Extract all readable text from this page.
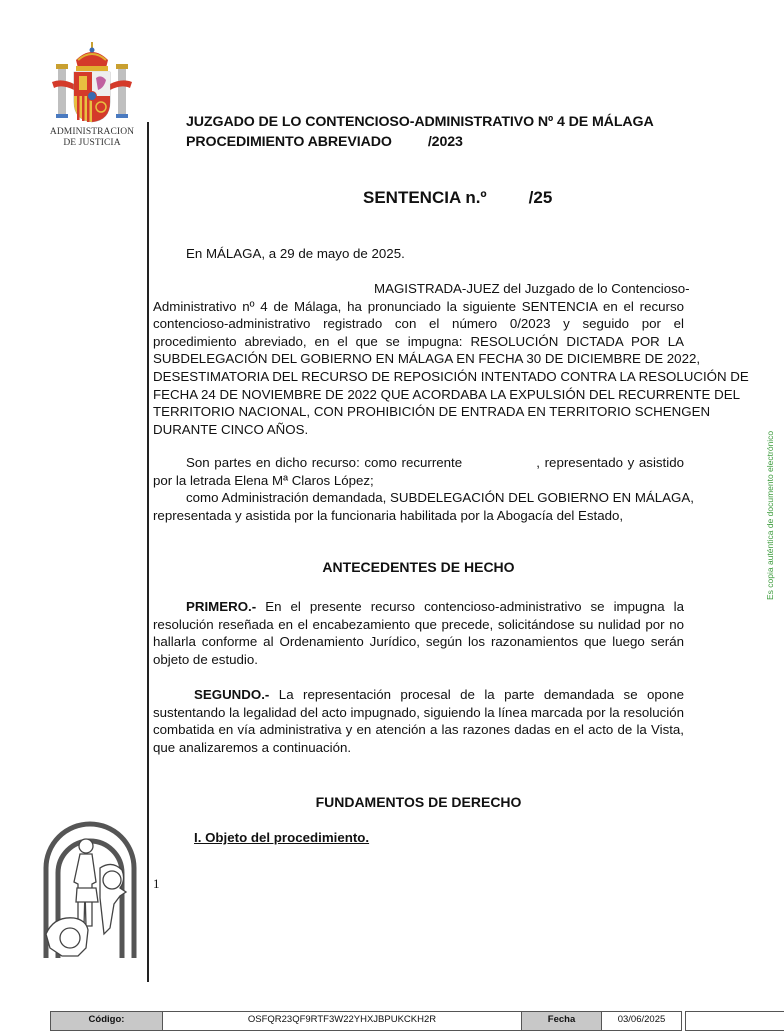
ADMINISTRACION
DE JUSTICIA
JUZGADO DE LO CONTENCIOSO-ADMINISTRATIVO Nº 4 DE MÁLAGA
PROCEDIMIENTO ABREVIADO	/2023
SENTENCIA n.º /25
En MÁLAGA, a 29 de mayo de 2025.
MAGISTRADA-JUEZ del Juzgado de lo Contencioso-
Administrativo nº 4 de Málaga, ha pronunciado la siguiente SENTENCIA en el recurso
contencioso-administrativo registrado con el número 0/2023 y seguido por el
procedimiento abreviado, en el que se impugna: RESOLUCIÓN DICTADA POR LA
SUBDELEGACIÓN DEL GOBIERNO EN MÁLAGA EN FECHA 30 DE DICIEMBRE DE 2022,
DESESTIMATORIA DEL RECURSO DE REPOSICIÓN INTENTADO CONTRA LA RESOLUCIÓN DE
FECHA 24 DE NOVIEMBRE DE 2022 QUE ACORDABA LA EXPULSIÓN DEL RECURRENTE DEL
TERRITORIO NACIONAL, CON PROHIBICIÓN DE ENTRADA EN TERRITORIO SCHENGEN
DURANTE CINCO AÑOS.
Son partes en dicho recurso: como recurrente                , representado y asistido
por la letrada Elena Mª Claros López;
como Administración demandada, SUBDELEGACIÓN DEL GOBIERNO EN MÁLAGA,
representada y asistida por la funcionaria habilitada por la Abogacía del Estado,
ANTECEDENTES DE HECHO
PRIMERO.- En el presente recurso contencioso-administrativo se impugna la
resolución reseñada en el encabezamiento que precede, solicitándose su nulidad por no
hallarla conforme al Ordenamiento Jurídico, según los razonamientos que luego serán
objeto de estudio.
SEGUNDO.- La representación procesal de la parte demandada se opone
sustentando la legalidad del acto impugnado, siguiendo la línea marcada por la resolución
combatida en vía administrativa y en atención a las razones dadas en el acto de la Vista,
que analizaremos a continuación.
FUNDAMENTOS DE DERECHO
I. Objeto del procedimiento.
1
Es copia auténtica de documento electrónico
Código:	OSFQR23QF9RTF3W22YHXJBPUKCKH2R	Fecha	03/06/2025
